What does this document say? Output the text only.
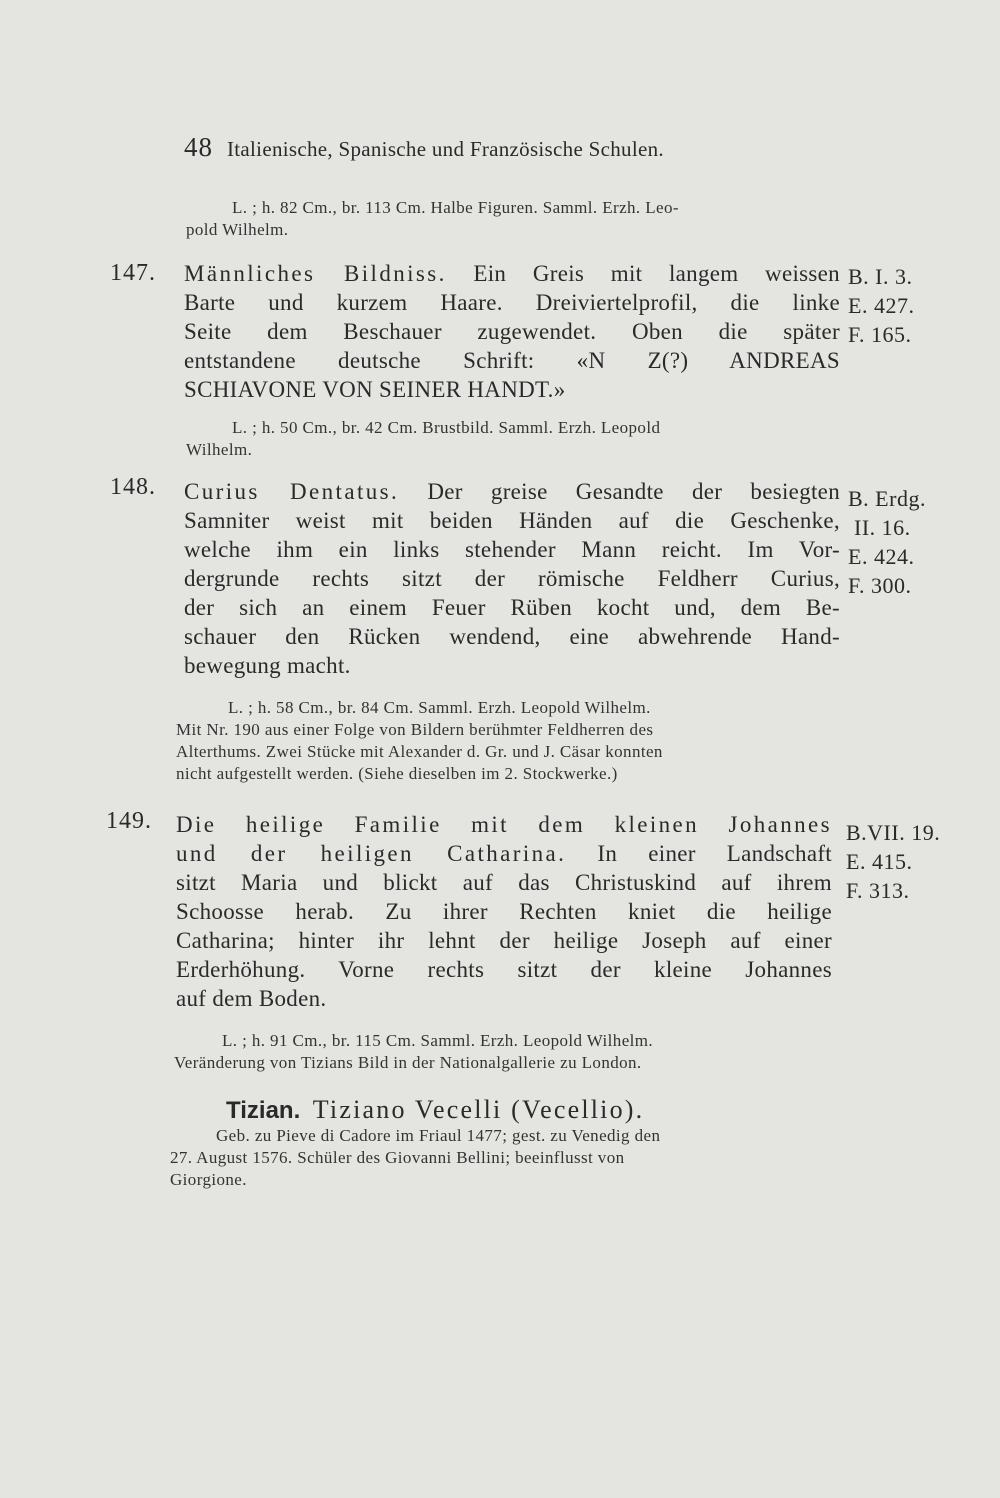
48 Italienische, Spanische und Französische Schulen.
L. ; h. 82 Cm., br. 113 Cm. Halbe Figuren. Samml. Erzh. Leo-
pold Wilhelm.
147. Männliches Bildniss. Ein Greis mit langem weissen
Barte und kurzem Haare. Dreiviertelprofil, die linke
Seite dem Beschauer zugewendet. Oben die später
entstandene deutsche Schrift: «N Z(?) ANDREAS
SCHIAVONE VON SEINER HANDT.»
B. I. 3.
E. 427.
F. 165.
L. ; h. 50 Cm., br. 42 Cm. Brustbild. Samml. Erzh. Leopold
Wilhelm.
148. Curius Dentatus. Der greise Gesandte der besiegten
Samniter weist mit beiden Händen auf die Geschenke,
welche ihm ein links stehender Mann reicht. Im Vor-
dergrunde rechts sitzt der römische Feldherr Curius,
der sich an einem Feuer Rüben kocht und, dem Be-
schauer den Rücken wendend, eine abwehrende Hand-
bewegung macht.
B. Erdg.
II. 16.
E. 424.
F. 300.
L. ; h. 58 Cm., br. 84 Cm. Samml. Erzh. Leopold Wilhelm.
Mit Nr. 190 aus einer Folge von Bildern berühmter Feldherren des
Alterthums. Zwei Stücke mit Alexander d. Gr. und J. Cäsar konnten
nicht aufgestellt werden. (Siehe dieselben im 2. Stockwerke.)
149. Die heilige Familie mit dem kleinen Johannes
und der heiligen Catharina. In einer Landschaft
sitzt Maria und blickt auf das Christuskind auf ihrem
Schoosse herab. Zu ihrer Rechten kniet die heilige
Catharina; hinter ihr lehnt der heilige Joseph auf einer
Erderhöhung. Vorne rechts sitzt der kleine Johannes
auf dem Boden.
B.VII. 19.
E. 415.
F. 313.
L. ; h. 91 Cm., br. 115 Cm. Samml. Erzh. Leopold Wilhelm.
Veränderung von Tizians Bild in der Nationalgallerie zu London.
Tizian. Tiziano Vecelli (Vecellio).
Geb. zu Pieve di Cadore im Friaul 1477; gest. zu Venedig den
27. August 1576. Schüler des Giovanni Bellini; beeinflusst von
Giorgione.
